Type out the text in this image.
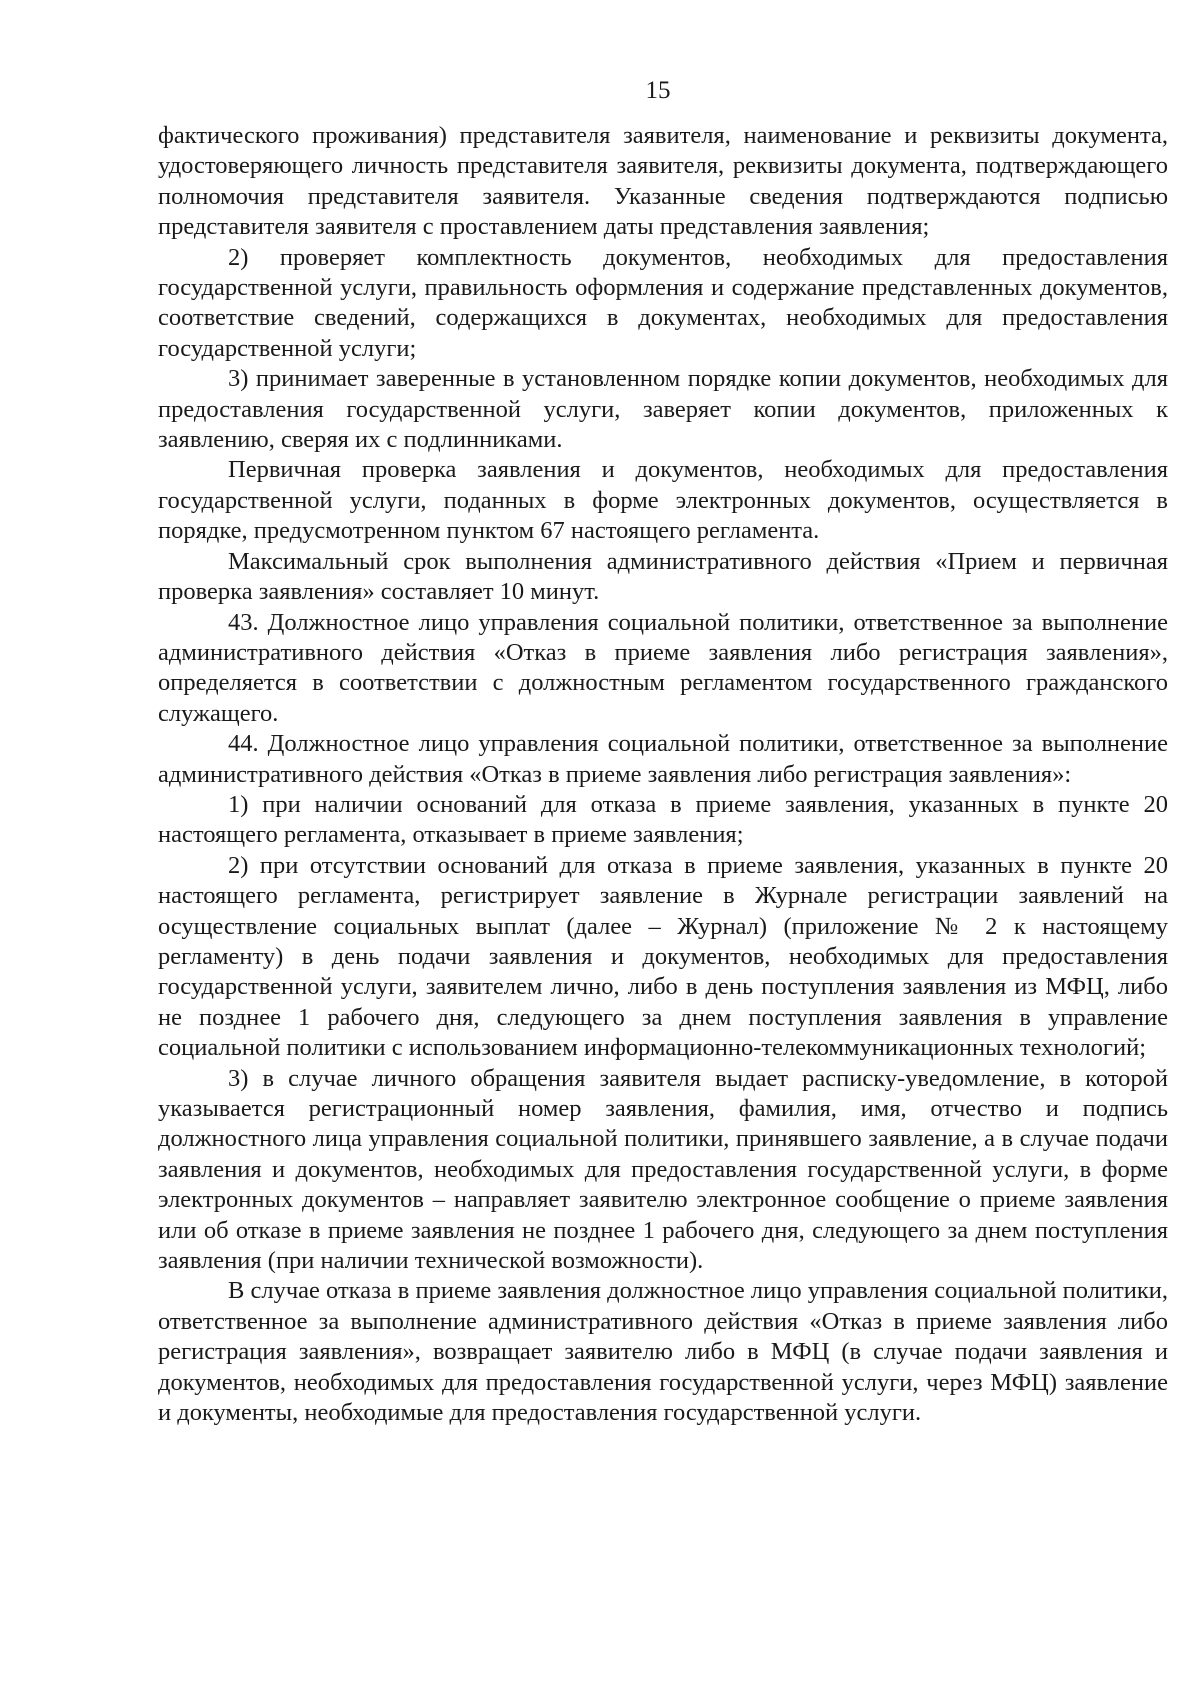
15

фактического проживания) представителя заявителя, наименование и реквизиты документа, удостоверяющего личность представителя заявителя, реквизиты документа, подтверждающего полномочия представителя заявителя. Указанные сведения подтверждаются подписью представителя заявителя с проставлением даты представления заявления;

2) проверяет комплектность документов, необходимых для предоставления государственной услуги, правильность оформления и содержание представленных документов, соответствие сведений, содержащихся в документах, необходимых для предоставления государственной услуги;

3) принимает заверенные в установленном порядке копии документов, необходимых для предоставления государственной услуги, заверяет копии документов, приложенных к заявлению, сверяя их с подлинниками.

Первичная проверка заявления и документов, необходимых для предоставления государственной услуги, поданных в форме электронных документов, осуществляется в порядке, предусмотренном пунктом 67 настоящего регламента.

Максимальный срок выполнения административного действия «Прием и первичная проверка заявления» составляет 10 минут.

43. Должностное лицо управления социальной политики, ответственное за выполнение административного действия «Отказ в приеме заявления либо регистрация заявления», определяется в соответствии с должностным регламентом государственного гражданского служащего.

44. Должностное лицо управления социальной политики, ответственное за выполнение административного действия «Отказ в приеме заявления либо регистрация заявления»:

1) при наличии оснований для отказа в приеме заявления, указанных в пункте 20 настоящего регламента, отказывает в приеме заявления;

2) при отсутствии оснований для отказа в приеме заявления, указанных в пункте 20 настоящего регламента, регистрирует заявление в Журнале регистрации заявлений на осуществление социальных выплат (далее – Журнал) (приложение № 2 к настоящему регламенту) в день подачи заявления и документов, необходимых для предоставления государственной услуги, заявителем лично, либо в день поступления заявления из МФЦ, либо не позднее 1 рабочего дня, следующего за днем поступления заявления в управление социальной политики с использованием информационно-телекоммуникационных технологий;

3) в случае личного обращения заявителя выдает расписку-уведомление, в которой указывается регистрационный номер заявления, фамилия, имя, отчество и подпись должностного лица управления социальной политики, принявшего заявление, а в случае подачи заявления и документов, необходимых для предоставления государственной услуги, в форме электронных документов – направляет заявителю электронное сообщение о приеме заявления или об отказе в приеме заявления не позднее 1 рабочего дня, следующего за днем поступления заявления (при наличии технической возможности).

В случае отказа в приеме заявления должностное лицо управления социальной политики, ответственное за выполнение административного действия «Отказ в приеме заявления либо регистрация заявления», возвращает заявителю либо в МФЦ (в случае подачи заявления и документов, необходимых для предоставления государственной услуги, через МФЦ) заявление и документы, необходимые для предоставления государственной услуги.
